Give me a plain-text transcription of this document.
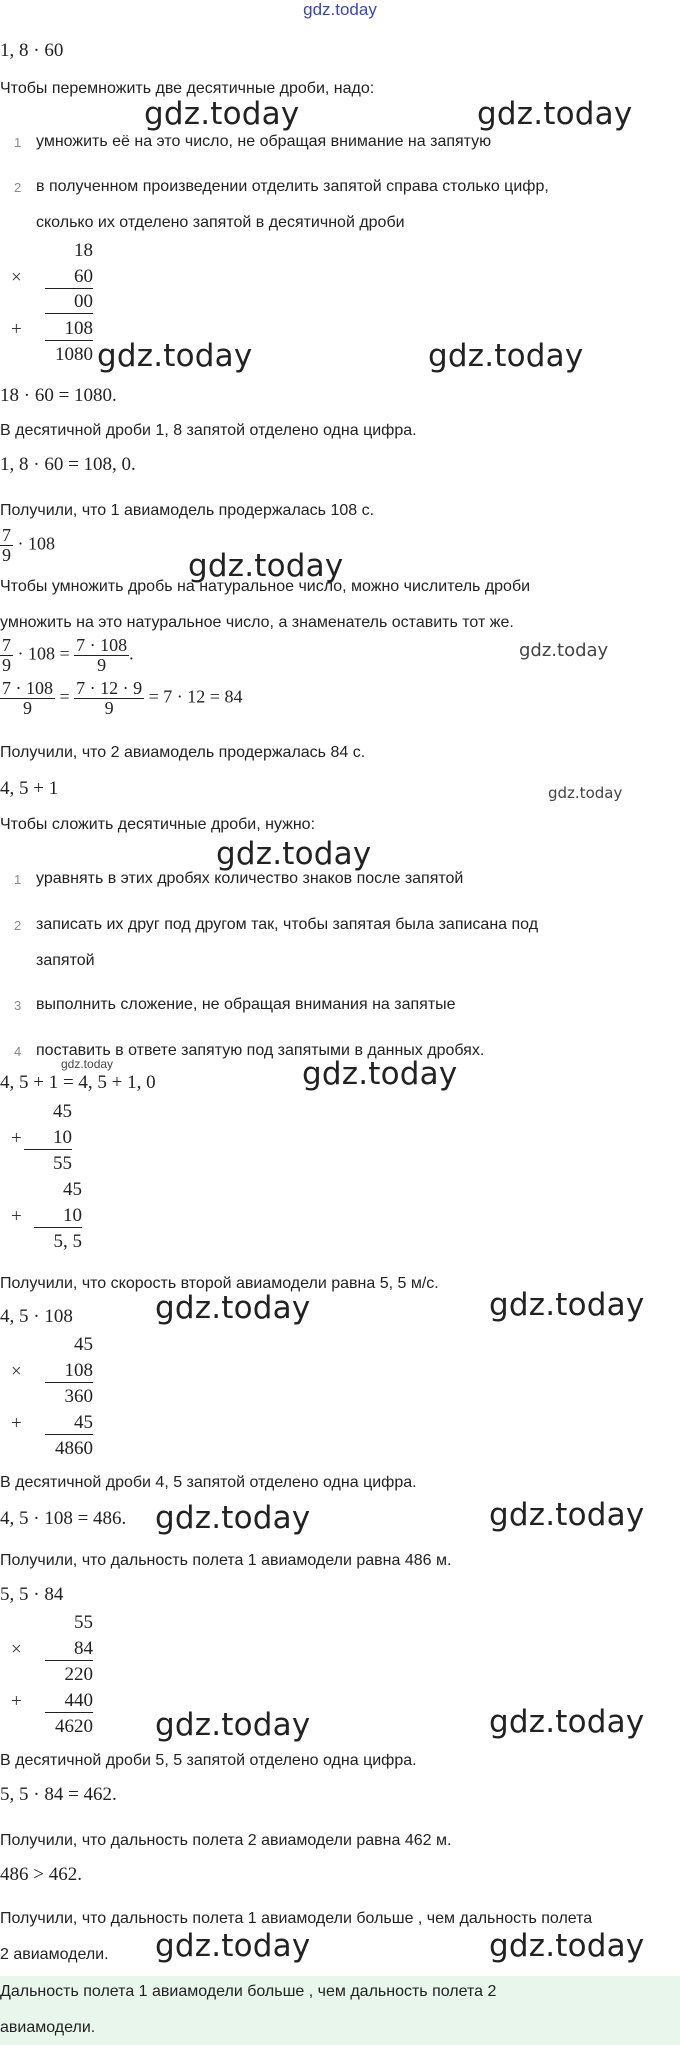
gdz.today
1, 8 · 60
Чтобы перемножить две десятичные дроби, надо:
gdz.today	gdz.today
1 умножить её на это число, не обращая внимание на запятую
2 в полученном произведении отделить запятой справа столько цифр,
сколько их отделено запятой в десятичной дроби
18
×	60
00
+	108
1080 gdz.today	gdz.today
18 · 60 = 1080.
В десятичной дроби 1, 8 запятой отделено одна цифра.
1, 8 · 60 = 108, 0.
Получили, что 1 авиамодель продержалась 108 с.
$\frac{7}{9} \cdot 108$
gdz.today
Чтобы умножить дробь на натуральное число, можно числитель дроби
умножить на это натуральное число, а знаменатель оставить тот же.
gdz.today
$\frac{7}{9} \cdot 108 = \frac{7 \cdot 108}{9}$ .
$\frac{7 \cdot 108}{9} = \frac{7 \cdot 12 \cdot 9}{9} = 7 \cdot 12 = 84$
Получили, что 2 авиамодель продержалась 84 с.
4, 5 + 1	gdz.today
Чтобы сложить десятичные дроби, нужно:
gdz.today
1 уравнять в этих дробях количество знаков после запятой
2 записать их друг под другом так, чтобы запятая была записана под
запятой
3 выполнить сложение, не обращая внимания на запятые
4 поставить в ответе запятую под запятыми в данных дробях.
gdz.today
4, 5 + 1 = 4, 5 + 1, 0	gdz.today
45
+	10
55
45
+	10
5, 5
Получили, что скорость второй авиамодели равна 5, 5 м/с.
4, 5 · 108	gdz.today	gdz.today
45
×	108
360
+	45
4860
В десятичной дроби 4, 5 запятой отделено одна цифра.
4, 5 · 108 = 486. gdz.today	gdz.today
Получили, что дальность полета 1 авиамодели равна 486 м.
5, 5 · 84
55
×	84
220
+	440
4620 gdz.today	gdz.today
В десятичной дроби 5, 5 запятой отделено одна цифра.
5, 5 · 84 = 462.
Получили, что дальность полета 2 авиамодели равна 462 м.
486 > 462.
Получили, что дальность полета 1 авиамодели больше , чем дальность полета
2 авиамодели. gdz.today	gdz.today
Дальность полета 1 авиамодели больше , чем дальность полета 2
авиамодели.
